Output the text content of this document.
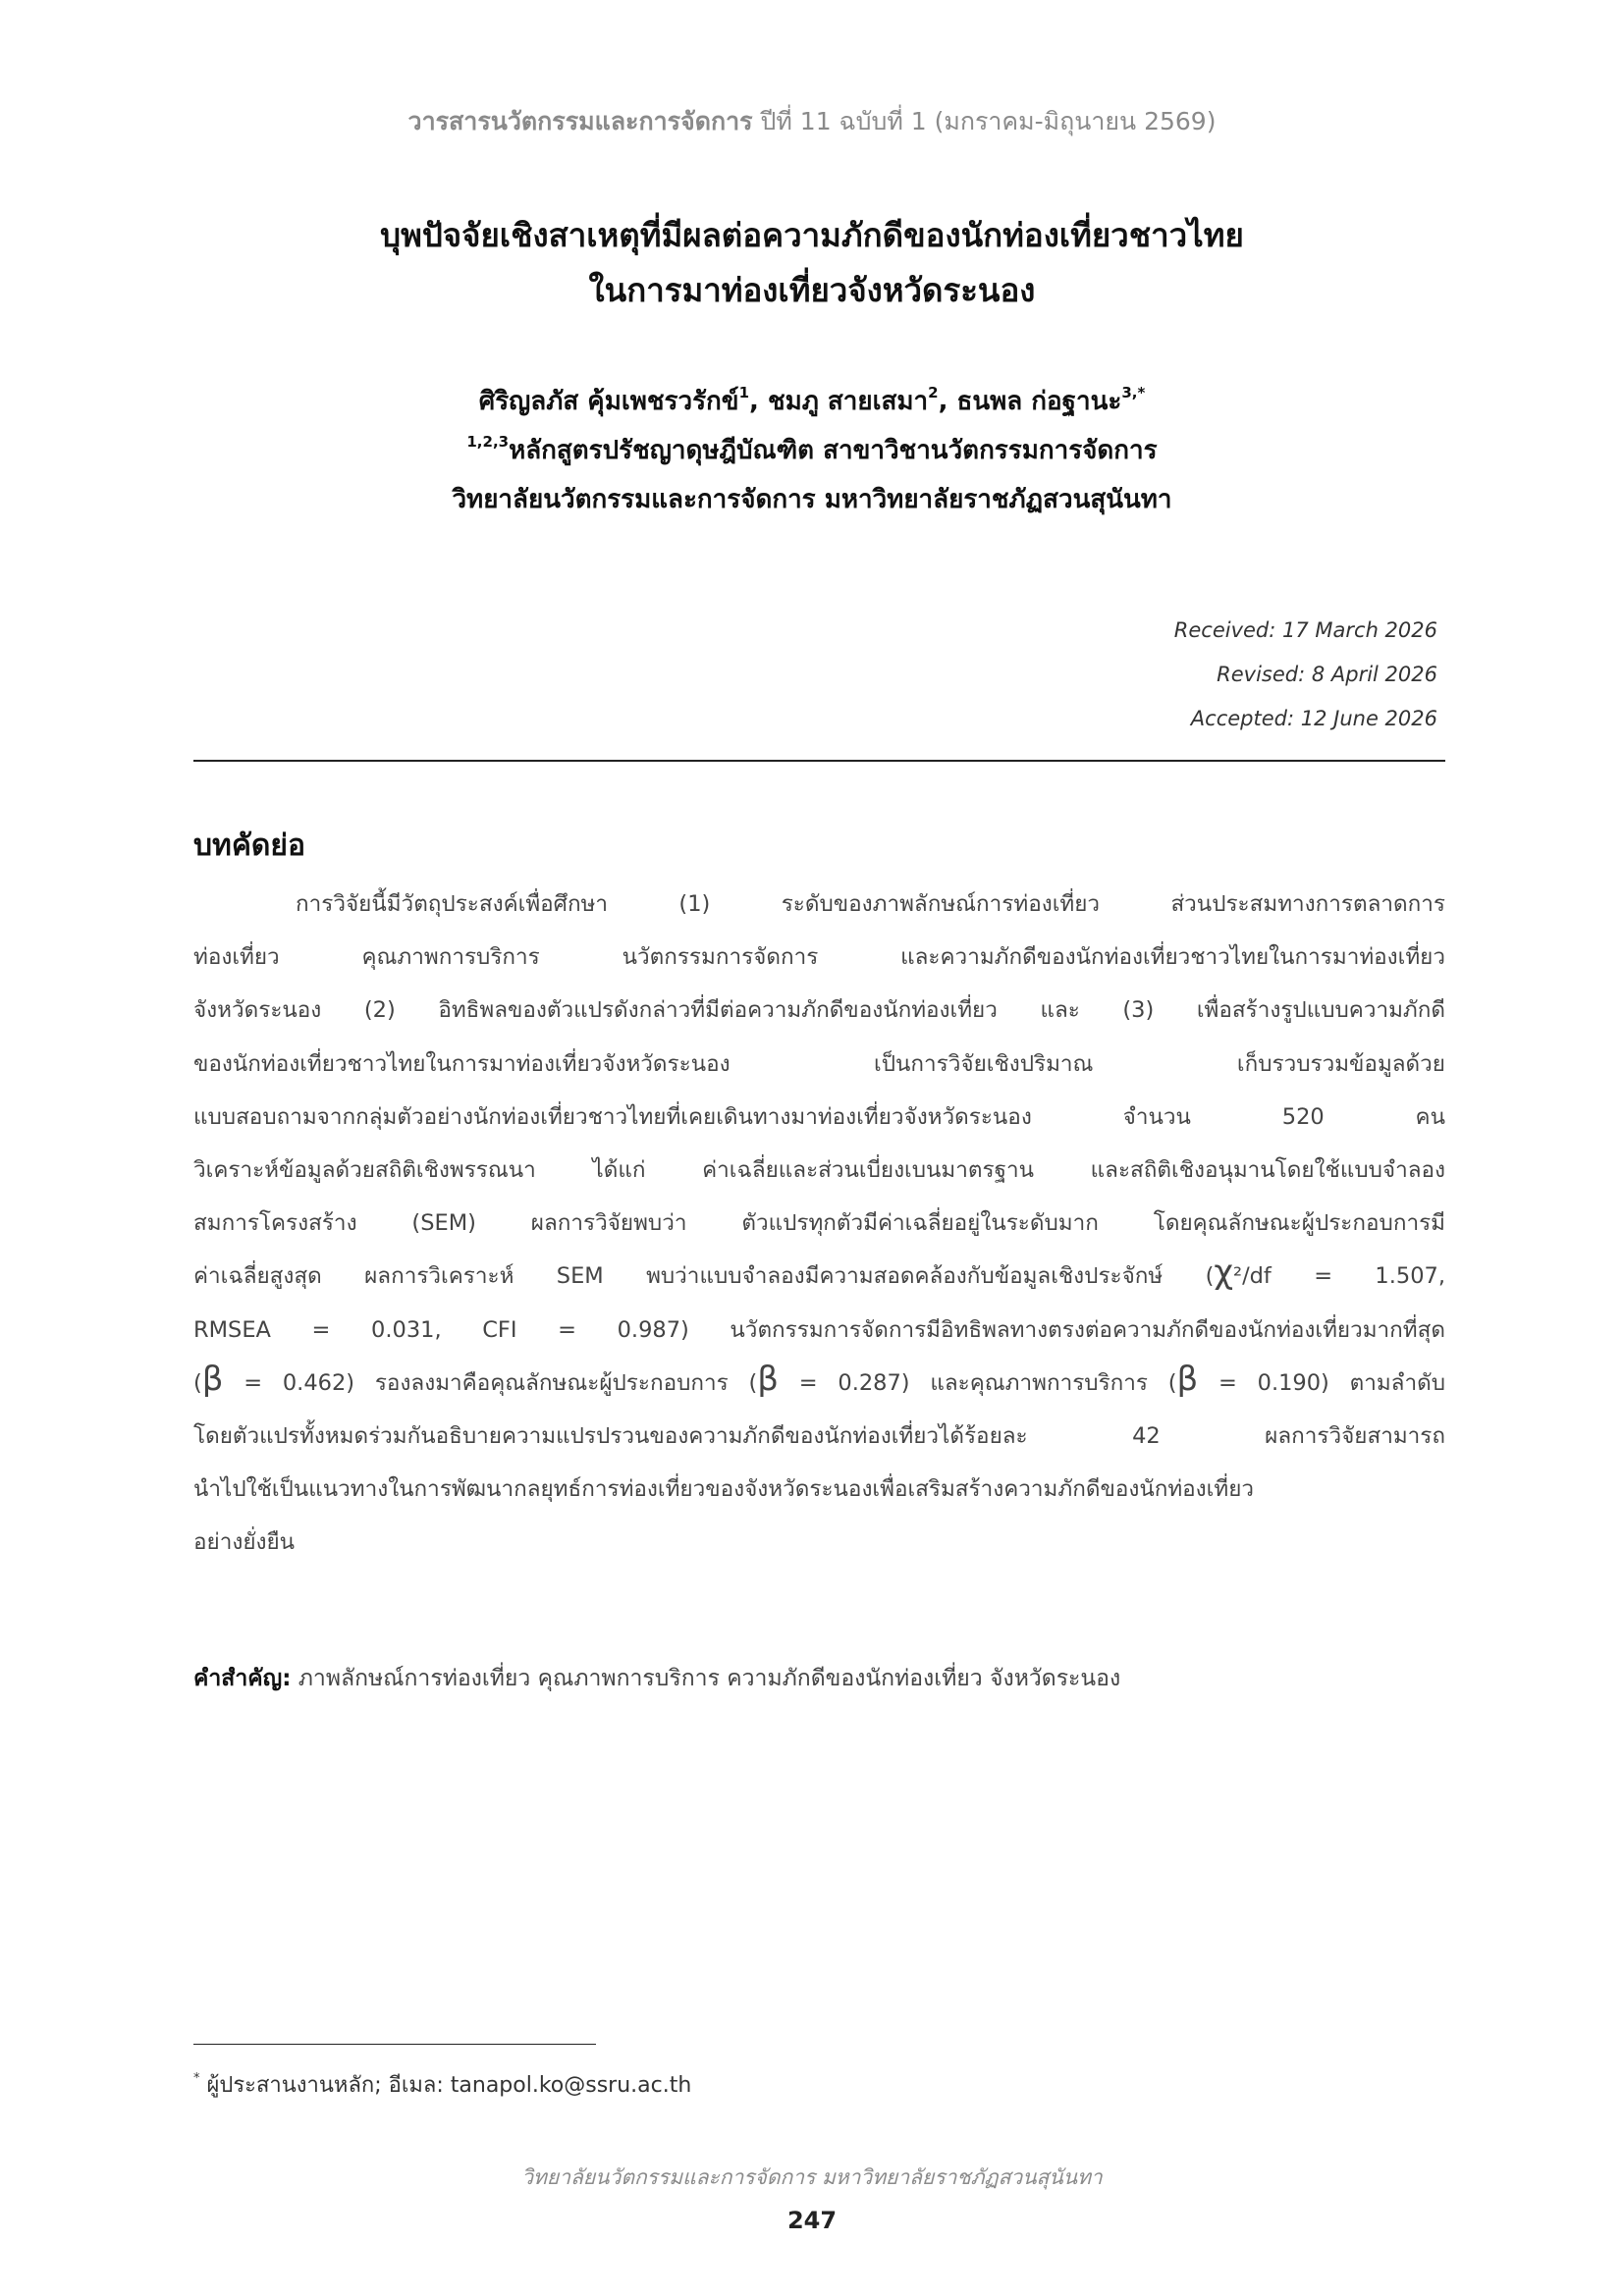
วารสารนวัตกรรมและการจัดการ ปีที่ 11 ฉบับที่ 1 (มกราคม-มิถุนายน 2569)
บุพปัจจัยเชิงสาเหตุที่มีผลต่อความภักดีของนักท่องเที่ยวชาวไทย
ในการมาท่องเที่ยวจังหวัดระนอง
ศิริญลภัส คุ้มเพชรวรักข์$^1$, ชมภู สายเสมา$^2$, ธนพล ก่อฐานะ$^{3,*}$
$^{1,2,3}$หลักสูตรปรัชญาดุษฎีบัณฑิต สาขาวิชานวัตกรรมการจัดการ
วิทยาลัยนวัตกรรมและการจัดการ มหาวิทยาลัยราชภัฏสวนสุนันทา
Received: 17 March 2026
Revised: 8 April 2026
Accepted: 12 June 2026
บทคัดย่อ
การวิจัยนี้มีวัตถุประสงค์เพื่อศึกษา (1) ระดับของภาพลักษณ์การท่องเที่ยว ส่วนประสมทางการตลาดการ
ท่องเที่ยว คุณภาพการบริการ นวัตกรรมการจัดการ และความภักดีของนักท่องเที่ยวชาวไทยในการมาท่องเที่ยว
จังหวัดระนอง (2) อิทธิพลของตัวแปรดังกล่าวที่มีต่อความภักดีของนักท่องเที่ยว และ (3) เพื่อสร้างรูปแบบความภักดี
ของนักท่องเที่ยวชาวไทยในการมาท่องเที่ยวจังหวัดระนอง เป็นการวิจัยเชิงปริมาณ เก็บรวบรวมข้อมูลด้วย
แบบสอบถามจากกลุ่มตัวอย่างนักท่องเที่ยวชาวไทยที่เคยเดินทางมาท่องเที่ยวจังหวัดระนอง จำนวน 520 คน
วิเคราะห์ข้อมูลด้วยสถิติเชิงพรรณนา ได้แก่ ค่าเฉลี่ยและส่วนเบี่ยงเบนมาตรฐาน และสถิติเชิงอนุมานโดยใช้แบบจำลอง
สมการโครงสร้าง (SEM) ผลการวิจัยพบว่า ตัวแปรทุกตัวมีค่าเฉลี่ยอยู่ในระดับมาก โดยคุณลักษณะผู้ประกอบการมี
ค่าเฉลี่ยสูงสุด ผลการวิเคราะห์ SEM พบว่าแบบจำลองมีความสอดคล้องกับข้อมูลเชิงประจักษ์ (χ²/df = 1.507,
RMSEA = 0.031, CFI = 0.987) นวัตกรรมการจัดการมีอิทธิพลทางตรงต่อความภักดีของนักท่องเที่ยวมากที่สุด
(β = 0.462) รองลงมาคือคุณลักษณะผู้ประกอบการ (β = 0.287) และคุณภาพการบริการ (β = 0.190) ตามลำดับ
โดยตัวแปรทั้งหมดร่วมกันอธิบายความแปรปรวนของความภักดีของนักท่องเที่ยวได้ร้อยละ 42 ผลการวิจัยสามารถ
นำไปใช้เป็นแนวทางในการพัฒนากลยุทธ์การท่องเที่ยวของจังหวัดระนองเพื่อเสริมสร้างความภักดีของนักท่องเที่ยว
อย่างยั่งยืน
คำสำคัญ: ภาพลักษณ์การท่องเที่ยว คุณภาพการบริการ ความภักดีของนักท่องเที่ยว จังหวัดระนอง
* ผู้ประสานงานหลัก; อีเมล: tanapol.ko@ssru.ac.th
วิทยาลัยนวัตกรรมและการจัดการ มหาวิทยาลัยราชภัฏสวนสุนันทา
247
